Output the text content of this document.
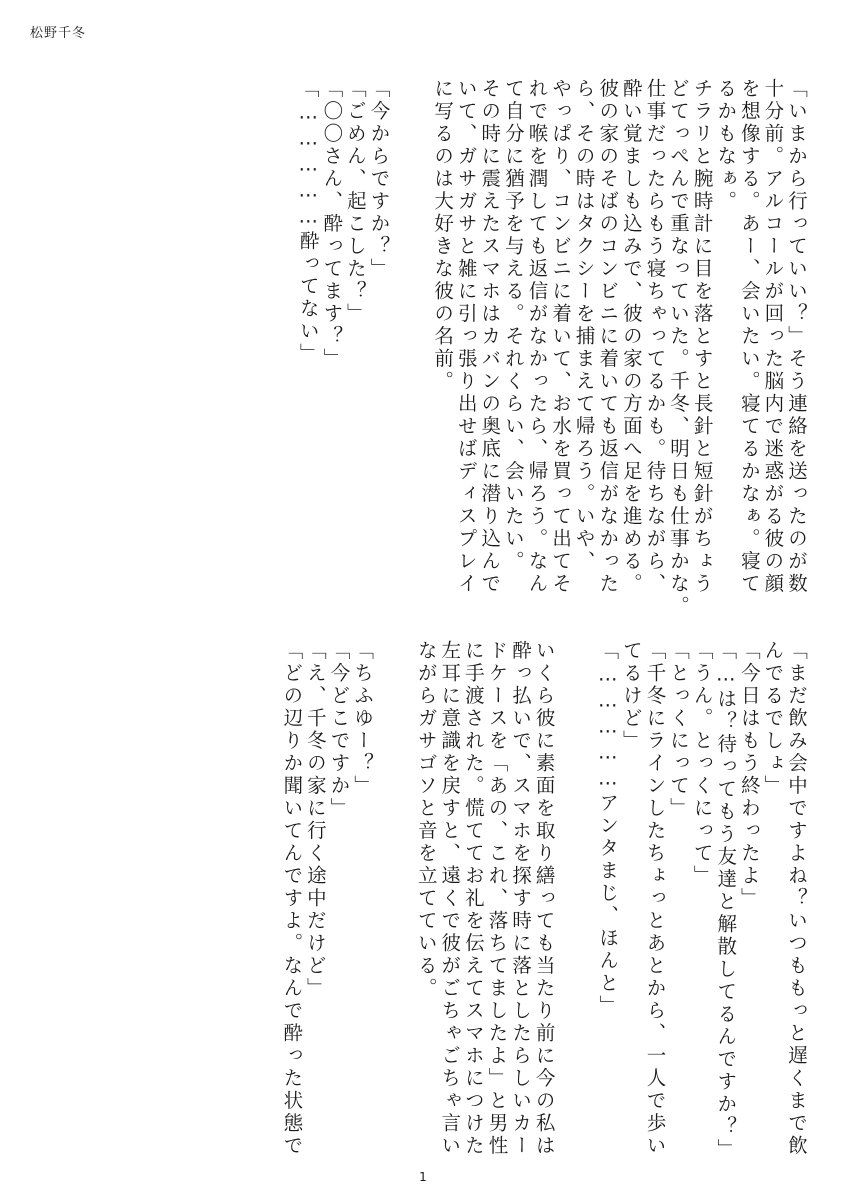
松野千冬
「いまから行っていい？」そう連絡を送ったのが数
十分前。アルコールが回った脳内で迷惑がる彼の顔
を想像する。あー、会いたい。寝てるかなぁ。寝て
るかもなぁ。
チラリと腕時計に目を落とすと長針と短針がちょう
どてっぺんで重なっていた。千冬、明日も仕事かな。
仕事だったらもう寝ちゃってるかも。待ちながら、
酔い覚ましも込みで、彼の家の方面へ足を進める。
彼の家のそばのコンビニに着いても返信がなかった
ら、その時はタクシーを捕まえて帰ろう。いや、
やっぱり、コンビニに着いて、お水を買って出てそ
れで喉を潤しても返信がなかったら、帰ろう。なん
て自分に猶予を与える。それくらい、会いたい。
その時に震えたスマホはカバンの奥底に潜り込んで
いて、ガサガサと雑に引っ張り出せばディスプレイ
に写るのは大好きな彼の名前。
「今からですか？」
「ごめん、起こした？」
「〇〇さん、酔ってます？」
「……………酔ってない」
「まだ飲み会中ですよね？いつももっと遅くまで飲
んでるでしょ」
「今日はもう終わったよ」
「…は？待ってもう友達と解散してるんですか？」
「うん。とっくにって」
「とっくにって」
「千冬にラインしたちょっとあとから、一人で歩い
てるけど」
「……………アンタまじ、ほんと」
いくら彼に素面を取り繕っても当たり前に今の私は
酔っ払いで、スマホを探す時に落としたらしいカー
ドケースを「あの、これ、落ちてましたよ」と男性
に手渡された。慌ててお礼を伝えてスマホにつけた
左耳に意識を戻すと、遠くで彼がごちゃごちゃ言い
ながらガサゴソと音を立てている。
「ちふゆー？」
「今どこですか」
「え、千冬の家に行く途中だけど」
「どの辺りか聞いてんですよ。なんで酔った状態で
1
